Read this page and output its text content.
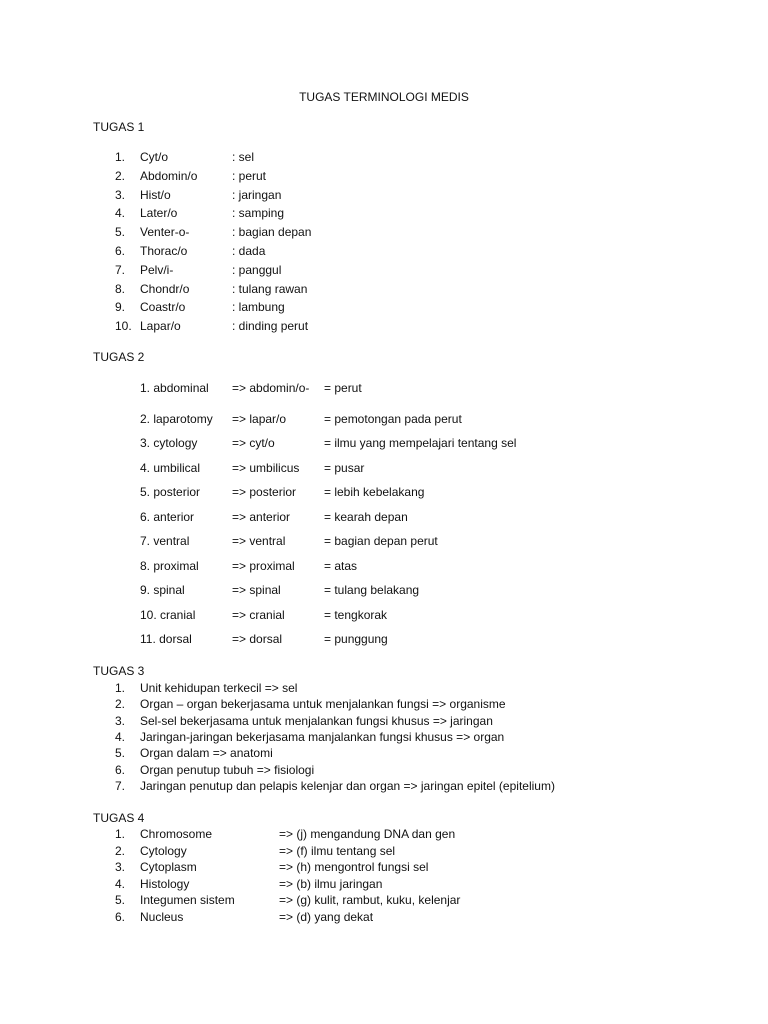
TUGAS TERMINOLOGI MEDIS
TUGAS 1
1. Cyt/o	: sel
2. Abdomin/o	: perut
3. Hist/o	: jaringan
4. Later/o	: samping
5. Venter-o-	: bagian depan
6. Thorac/o	: dada
7. Pelv/i-	: panggul
8. Chondr/o	: tulang rawan
9. Coastr/o	: lambung
10. Lapar/o	: dinding perut
TUGAS 2
1. abdominal => abdomin/o- = perut
2. laparotomy => lapar/o	= pemotongan pada perut
3. cytology	=> cyt/o	= ilmu yang mempelajari tentang sel
4. umbilical	=> umbilicus = pusar
5. posterior	=> posterior = lebih kebelakang
6. anterior	=> anterior	= kearah depan
7. ventral	=> ventral	= bagian depan perut
8. proximal	=> proximal = atas
9. spinal	=> spinal	= tulang belakang
10. cranial	=> cranial	= tengkorak
11. dorsal	=> dorsal	= punggung
TUGAS 3
1. Unit kehidupan terkecil => sel
2. Organ – organ bekerjasama untuk menjalankan fungsi => organisme
3. Sel-sel bekerjasama untuk menjalankan fungsi khusus => jaringan
4. Jaringan-jaringan bekerjasama manjalankan fungsi khusus => organ
5. Organ dalam => anatomi
6. Organ penutup tubuh => fisiologi
7. Jaringan penutup dan pelapis kelenjar dan organ => jaringan epitel (epitelium)
TUGAS 4
1. Chromosome	=> (j) mengandung DNA dan gen
2. Cytology	=> (f) ilmu tentang sel
3. Cytoplasm	=> (h) mengontrol fungsi sel
4. Histology	=> (b) ilmu jaringan
5. Integumen sistem	=> (g) kulit, rambut, kuku, kelenjar
6. Nucleus	=> (d) yang dekat
